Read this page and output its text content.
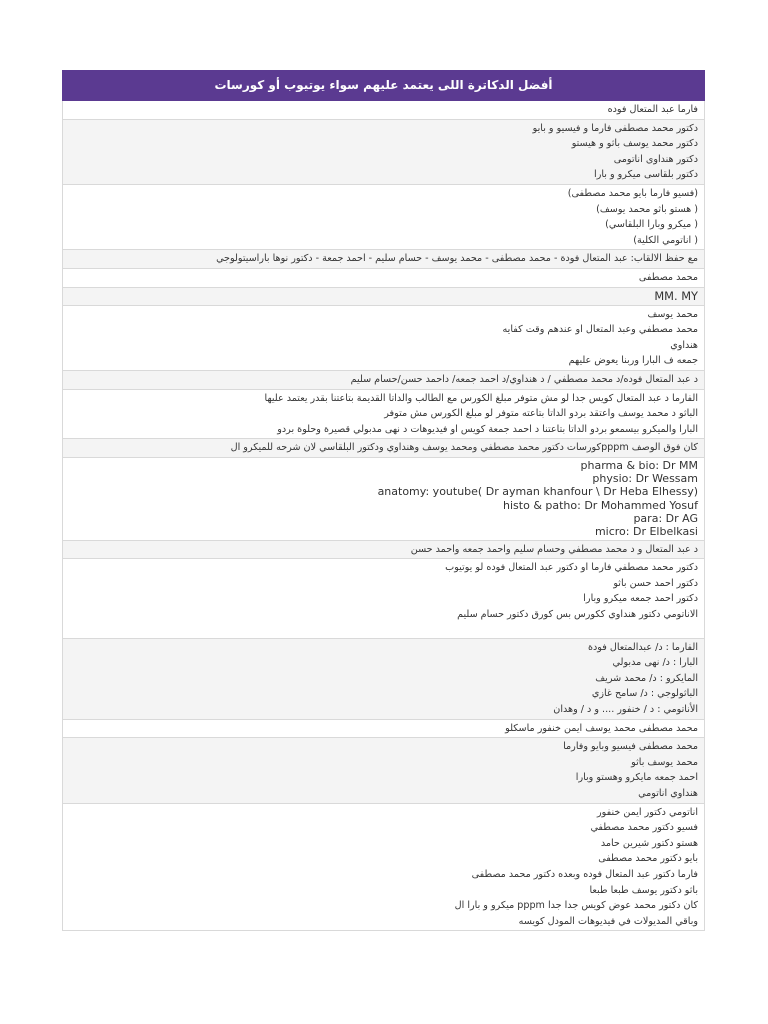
أفضل الدكاترة اللى يعتمد عليهم سواء يوتيوب أو كورسات
فارما عبد المتعال فوده
دكتور محمد مصطفى فارما و فيسيو و بايو
دكتور محمد يوسف باثو و هيستو
دكتور هنداوى اناتومى
دكتور بلقاسى ميكرو و بارا
(فسيو فارما بايو محمد مصطفى)
( هستو باثو محمد يوسف)
( ميكرو وبارا البلقاسي)
( اناتومي الكلية)
مع حفظ الالقاب: عبد المتعال فودة - محمد مصطفى - محمد يوسف - حسام سليم - احمد جمعة - دكتور نوها باراسيتولوجي
محمد مصطفى
MM. MY
محمد يوسف
محمد مصطفي وعبد المتعال او عندهم وقت كفايه
هنداوي
جمعه ف البارا وربنا يعوض عليهم
د عبد المتعال فوده/د محمد مصطفي / د هنداوي/د احمد جمعه/ داحمد حسن/حسام سليم
الفارما د عبد المتعال كويس جدا لو مش متوفر مبلغ الكورس مع الطالب والداتا القديمة بتاعتنا بقدر يعتمد عليها
الباثو د محمد يوسف واعتقد بردو الداتا بتاعته متوفر لو مبلغ الكورس مش متوفر
البارا والميكرو بيسمعو بردو الداتا بتاعتنا د احمد جمعة كويس او فيديوهات د نهى مدبولي قصيرة وحلوة بردو
كان فوق الوصف pppmكورسات دكتور محمد مصطفي ومحمد يوسف وهنداوي ودكتور البلقاسي لان شرحه للميكرو ال
pharma & bio: Dr MM
physio: Dr Wessam
anatomy: youtube( Dr ayman khanfour \ Dr Heba Elhessy)
histo & patho: Dr Mohammed Yosuf
para: Dr AG
micro: Dr Elbelkasi
د عبد المتعال و د محمد مصطفي وحسام سليم واحمد جمعه واحمد حسن
دكتور محمد مصطفي فارما او دكتور عبد المتعال فوده لو يوتيوب
دكتور احمد حسن باثو
دكتور احمد جمعه ميكرو وبارا
الاناتومي دكتور هنداوي ككورس بس كورق دكتور حسام سليم
الفارما : د/ عبدالمتعال فودة
البارا : د/ نهى مدبولي
المايكرو : د/ محمد شريف
الباثولوجي : د/ سامح غازي
الأناتومي : د / خنفور .... و د / وهدان
محمد مصطفى محمد يوسف ايمن خنفور ماسكلو
محمد مصطفى فيسيو وبايو وفارما
محمد يوسف باثو
احمد جمعه مايكرو وهستو وبارا
هنداوي اناتومي
اناتومي دكتور ايمن خنفور
فسيو دكتور محمد مصطفي
هستو دكتور شيرين حامد
بايو دكتور محمد مصطفى
فارما دكتور عبد المتعال فوده وبعده دكتور محمد مصطفى
باثو دكتور يوسف طبعا طبعا
كان دكتور محمد عوض كويس جدا جدا pppm ميكرو و بارا ال
وباقي المديولات في فيديوهات المودل كويسه
